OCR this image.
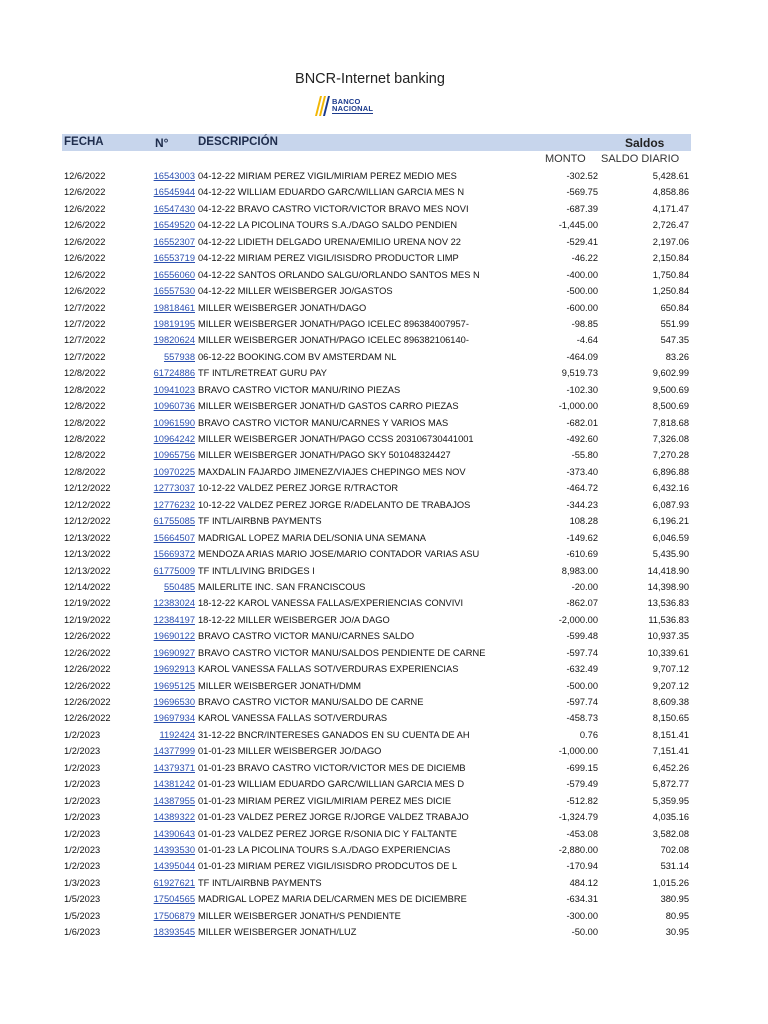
BNCR-Internet banking
BANCO
NACIONAL
FECHA	N°	DESCRIPCIÓN	Saldos
MONTO SALDO DIARIO
12/6/2022	16543003 04-12-22 MIRIAM PEREZ VIGIL/MIRIAM PEREZ MEDIO MES	-302.52	5,428.61
12/6/2022	16545944 04-12-22 WILLIAM EDUARDO GARC/WILLIAN GARCIA MES N	-569.75	4,858.86
12/6/2022	16547430 04-12-22 BRAVO CASTRO VICTOR/VICTOR BRAVO MES NOVI	-687.39	4,171.47
12/6/2022	16549520 04-12-22 LA PICOLINA TOURS S.A./DAGO SALDO PENDIEN	-1,445.00	2,726.47
12/6/2022	16552307 04-12-22 LIDIETH DELGADO URENA/EMILIO URENA NOV 22	-529.41	2,197.06
12/6/2022	16553719 04-12-22 MIRIAM PEREZ VIGIL/ISISDRO PRODUCTOR LIMP	-46.22	2,150.84
12/6/2022	16556060 04-12-22 SANTOS ORLANDO SALGU/ORLANDO SANTOS MES N	-400.00	1,750.84
12/6/2022	16557530 04-12-22 MILLER WEISBERGER JO/GASTOS	-500.00	1,250.84
12/7/2022	19818461 MILLER WEISBERGER JONATH/DAGO	-600.00	650.84
12/7/2022	19819195 MILLER WEISBERGER JONATH/PAGO ICELEC 896384007957-	-98.85	551.99
12/7/2022	19820624 MILLER WEISBERGER JONATH/PAGO ICELEC 896382106140-	-4.64	547.35
12/7/2022	557938 06-12-22 BOOKING.COM BV AMSTERDAM NL	-464.09	83.26
12/8/2022	61724886 TF INTL/RETREAT GURU PAY	9,519.73	9,602.99
12/8/2022	10941023 BRAVO CASTRO VICTOR MANU/RINO PIEZAS	-102.30	9,500.69
12/8/2022	10960736 MILLER WEISBERGER JONATH/D GASTOS CARRO PIEZAS	-1,000.00	8,500.69
12/8/2022	10961590 BRAVO CASTRO VICTOR MANU/CARNES Y VARIOS MAS	-682.01	7,818.68
12/8/2022	10964242 MILLER WEISBERGER JONATH/PAGO CCSS 203106730441001	-492.60	7,326.08
12/8/2022	10965756 MILLER WEISBERGER JONATH/PAGO SKY 501048324427	-55.80	7,270.28
12/8/2022	10970225 MAXDALIN FAJARDO JIMENEZ/VIAJES CHEPINGO MES NOV	-373.40	6,896.88
12/12/2022	12773037 10-12-22 VALDEZ PEREZ JORGE R/TRACTOR	-464.72	6,432.16
12/12/2022	12776232 10-12-22 VALDEZ PEREZ JORGE R/ADELANTO DE TRABAJOS	-344.23	6,087.93
12/12/2022	61755085 TF INTL/AIRBNB PAYMENTS	108.28	6,196.21
12/13/2022	15664507 MADRIGAL LOPEZ MARIA DEL/SONIA UNA SEMANA	-149.62	6,046.59
12/13/2022	15669372 MENDOZA ARIAS MARIO JOSE/MARIO CONTADOR VARIAS ASU	-610.69	5,435.90
12/13/2022	61775009 TF INTL/LIVING BRIDGES I	8,983.00	14,418.90
12/14/2022	550485 MAILERLITE INC. SAN FRANCISCOUS	-20.00	14,398.90
12/19/2022	12383024 18-12-22 KAROL VANESSA FALLAS/EXPERIENCIAS CONVIVI	-862.07	13,536.83
12/19/2022	12384197 18-12-22 MILLER WEISBERGER JO/A DAGO	-2,000.00	11,536.83
12/26/2022	19690122 BRAVO CASTRO VICTOR MANU/CARNES SALDO	-599.48	10,937.35
12/26/2022	19690927 BRAVO CASTRO VICTOR MANU/SALDOS PENDIENTE DE CARNE	-597.74	10,339.61
12/26/2022	19692913 KAROL VANESSA FALLAS SOT/VERDURAS EXPERIENCIAS	-632.49	9,707.12
12/26/2022	19695125 MILLER WEISBERGER JONATH/DMM	-500.00	9,207.12
12/26/2022	19696530 BRAVO CASTRO VICTOR MANU/SALDO DE CARNE	-597.74	8,609.38
12/26/2022	19697934 KAROL VANESSA FALLAS SOT/VERDURAS	-458.73	8,150.65
1/2/2023	1192424 31-12-22 BNCR/INTERESES GANADOS EN SU CUENTA DE AH	0.76	8,151.41
1/2/2023	14377999 01-01-23 MILLER WEISBERGER JO/DAGO	-1,000.00	7,151.41
1/2/2023	14379371 01-01-23 BRAVO CASTRO VICTOR/VICTOR MES DE DICIEMB	-699.15	6,452.26
1/2/2023	14381242 01-01-23 WILLIAM EDUARDO GARC/WILLIAN GARCIA MES D	-579.49	5,872.77
1/2/2023	14387955 01-01-23 MIRIAM PEREZ VIGIL/MIRIAM PEREZ MES DICIE	-512.82	5,359.95
1/2/2023	14389322 01-01-23 VALDEZ PEREZ JORGE R/JORGE VALDEZ TRABAJO	-1,324.79	4,035.16
1/2/2023	14390643 01-01-23 VALDEZ PEREZ JORGE R/SONIA DIC Y FALTANTE	-453.08	3,582.08
1/2/2023	14393530 01-01-23 LA PICOLINA TOURS S.A./DAGO EXPERIENCIAS	-2,880.00	702.08
1/2/2023	14395044 01-01-23 MIRIAM PEREZ VIGIL/ISISDRO PRODCUTOS DE L	-170.94	531.14
1/3/2023	61927621 TF INTL/AIRBNB PAYMENTS	484.12	1,015.26
1/5/2023	17504565 MADRIGAL LOPEZ MARIA DEL/CARMEN MES DE DICIEMBRE	-634.31	380.95
1/5/2023	17506879 MILLER WEISBERGER JONATH/S PENDIENTE	-300.00	80.95
1/6/2023	18393545 MILLER WEISBERGER JONATH/LUZ	-50.00	30.95
